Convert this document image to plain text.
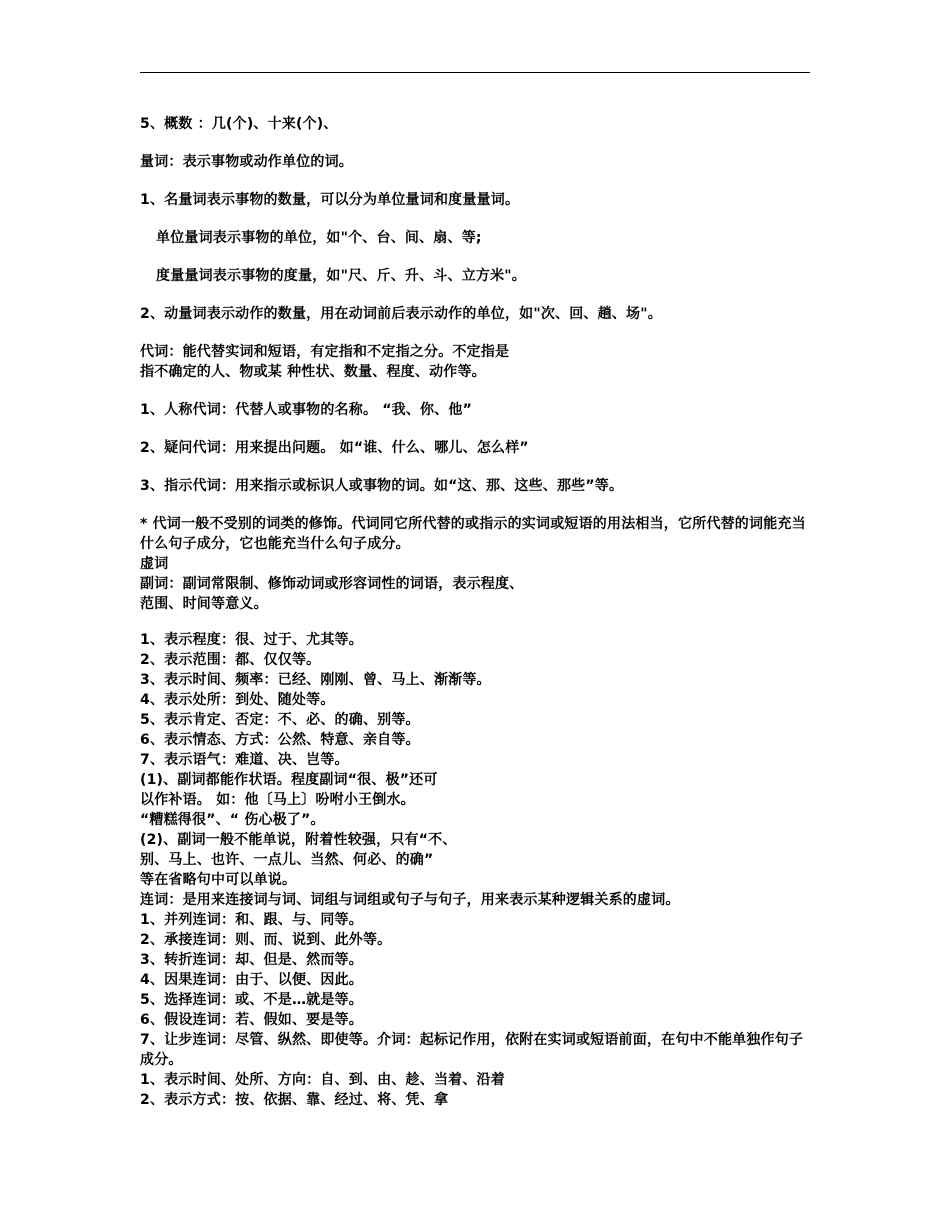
5、概数 ：几(个)、十来(个)、
量词：表示事物或动作单位的词。
1、名量词表示事物的数量，可以分为单位量词和度量量词。
单位量词表示事物的单位，如"个、台、间、扇、等;
度量量词表示事物的度量，如"尺、斤、升、斗、立方米"。
2、动量词表示动作的数量，用在动词前后表示动作的单位，如"次、回、趟、场"。
代词：能代替实词和短语，有定指和不定指之分。不定指是
指不确定的人、物或某 种性状、数量、程度、动作等。
1、人称代词：代替人或事物的名称。 “我、你、他”
2、疑问代词：用来提出问题。 如“谁、什么、哪儿、怎么样”
3、指示代词：用来指示或标识人或事物的词。如“这、那、这些、那些”等。
* 代词一般不受别的词类的修饰。代词同它所代替的或指示的实词或短语的用法相当，它所代替的词能充当什么句子成分，它也能充当什么句子成分。
虚词
副词：副词常限制、修饰动词或形容词性的词语，表示程度、
范围、时间等意义。
1、表示程度：很、过于、尤其等。
2、表示范围：都、仅仅等。
3、表示时间、频率：已经、刚刚、曾、马上、渐渐等。
4、表示处所：到处、随处等。
5、表示肯定、否定：不、必、的确、别等。
6、表示情态、方式：公然、特意、亲自等。
7、表示语气：难道、决、岂等。
(1)、副词都能作状语。程度副词“很、极”还可
以作补语。 如：他〔马上〕吩咐小王倒水。
“糟糕得很”、“ 伤心极了”。
(2)、副词一般不能单说，附着性较强，只有“不、
别、马上、也许、一点儿、当然、何必、的确”
等在省略句中可以单说。
连词：是用来连接词与词、词组与词组或句子与句子，用来表示某种逻辑关系的虚词。
1、并列连词：和、跟、与、同等。
2、承接连词：则、而、说到、此外等。
3、转折连词：却、但是、然而等。
4、因果连词：由于、以便、因此。
5、选择连词：或、不是…就是等。
6、假设连词：若、假如、要是等。
7、让步连词：尽管、纵然、即使等。介词：起标记作用，依附在实词或短语前面，在句中不能单独作句子成分。
1、表示时间、处所、方向：自、到、由、趁、当着、沿着
2、表示方式：按、依据、靠、经过、将、凭、拿
